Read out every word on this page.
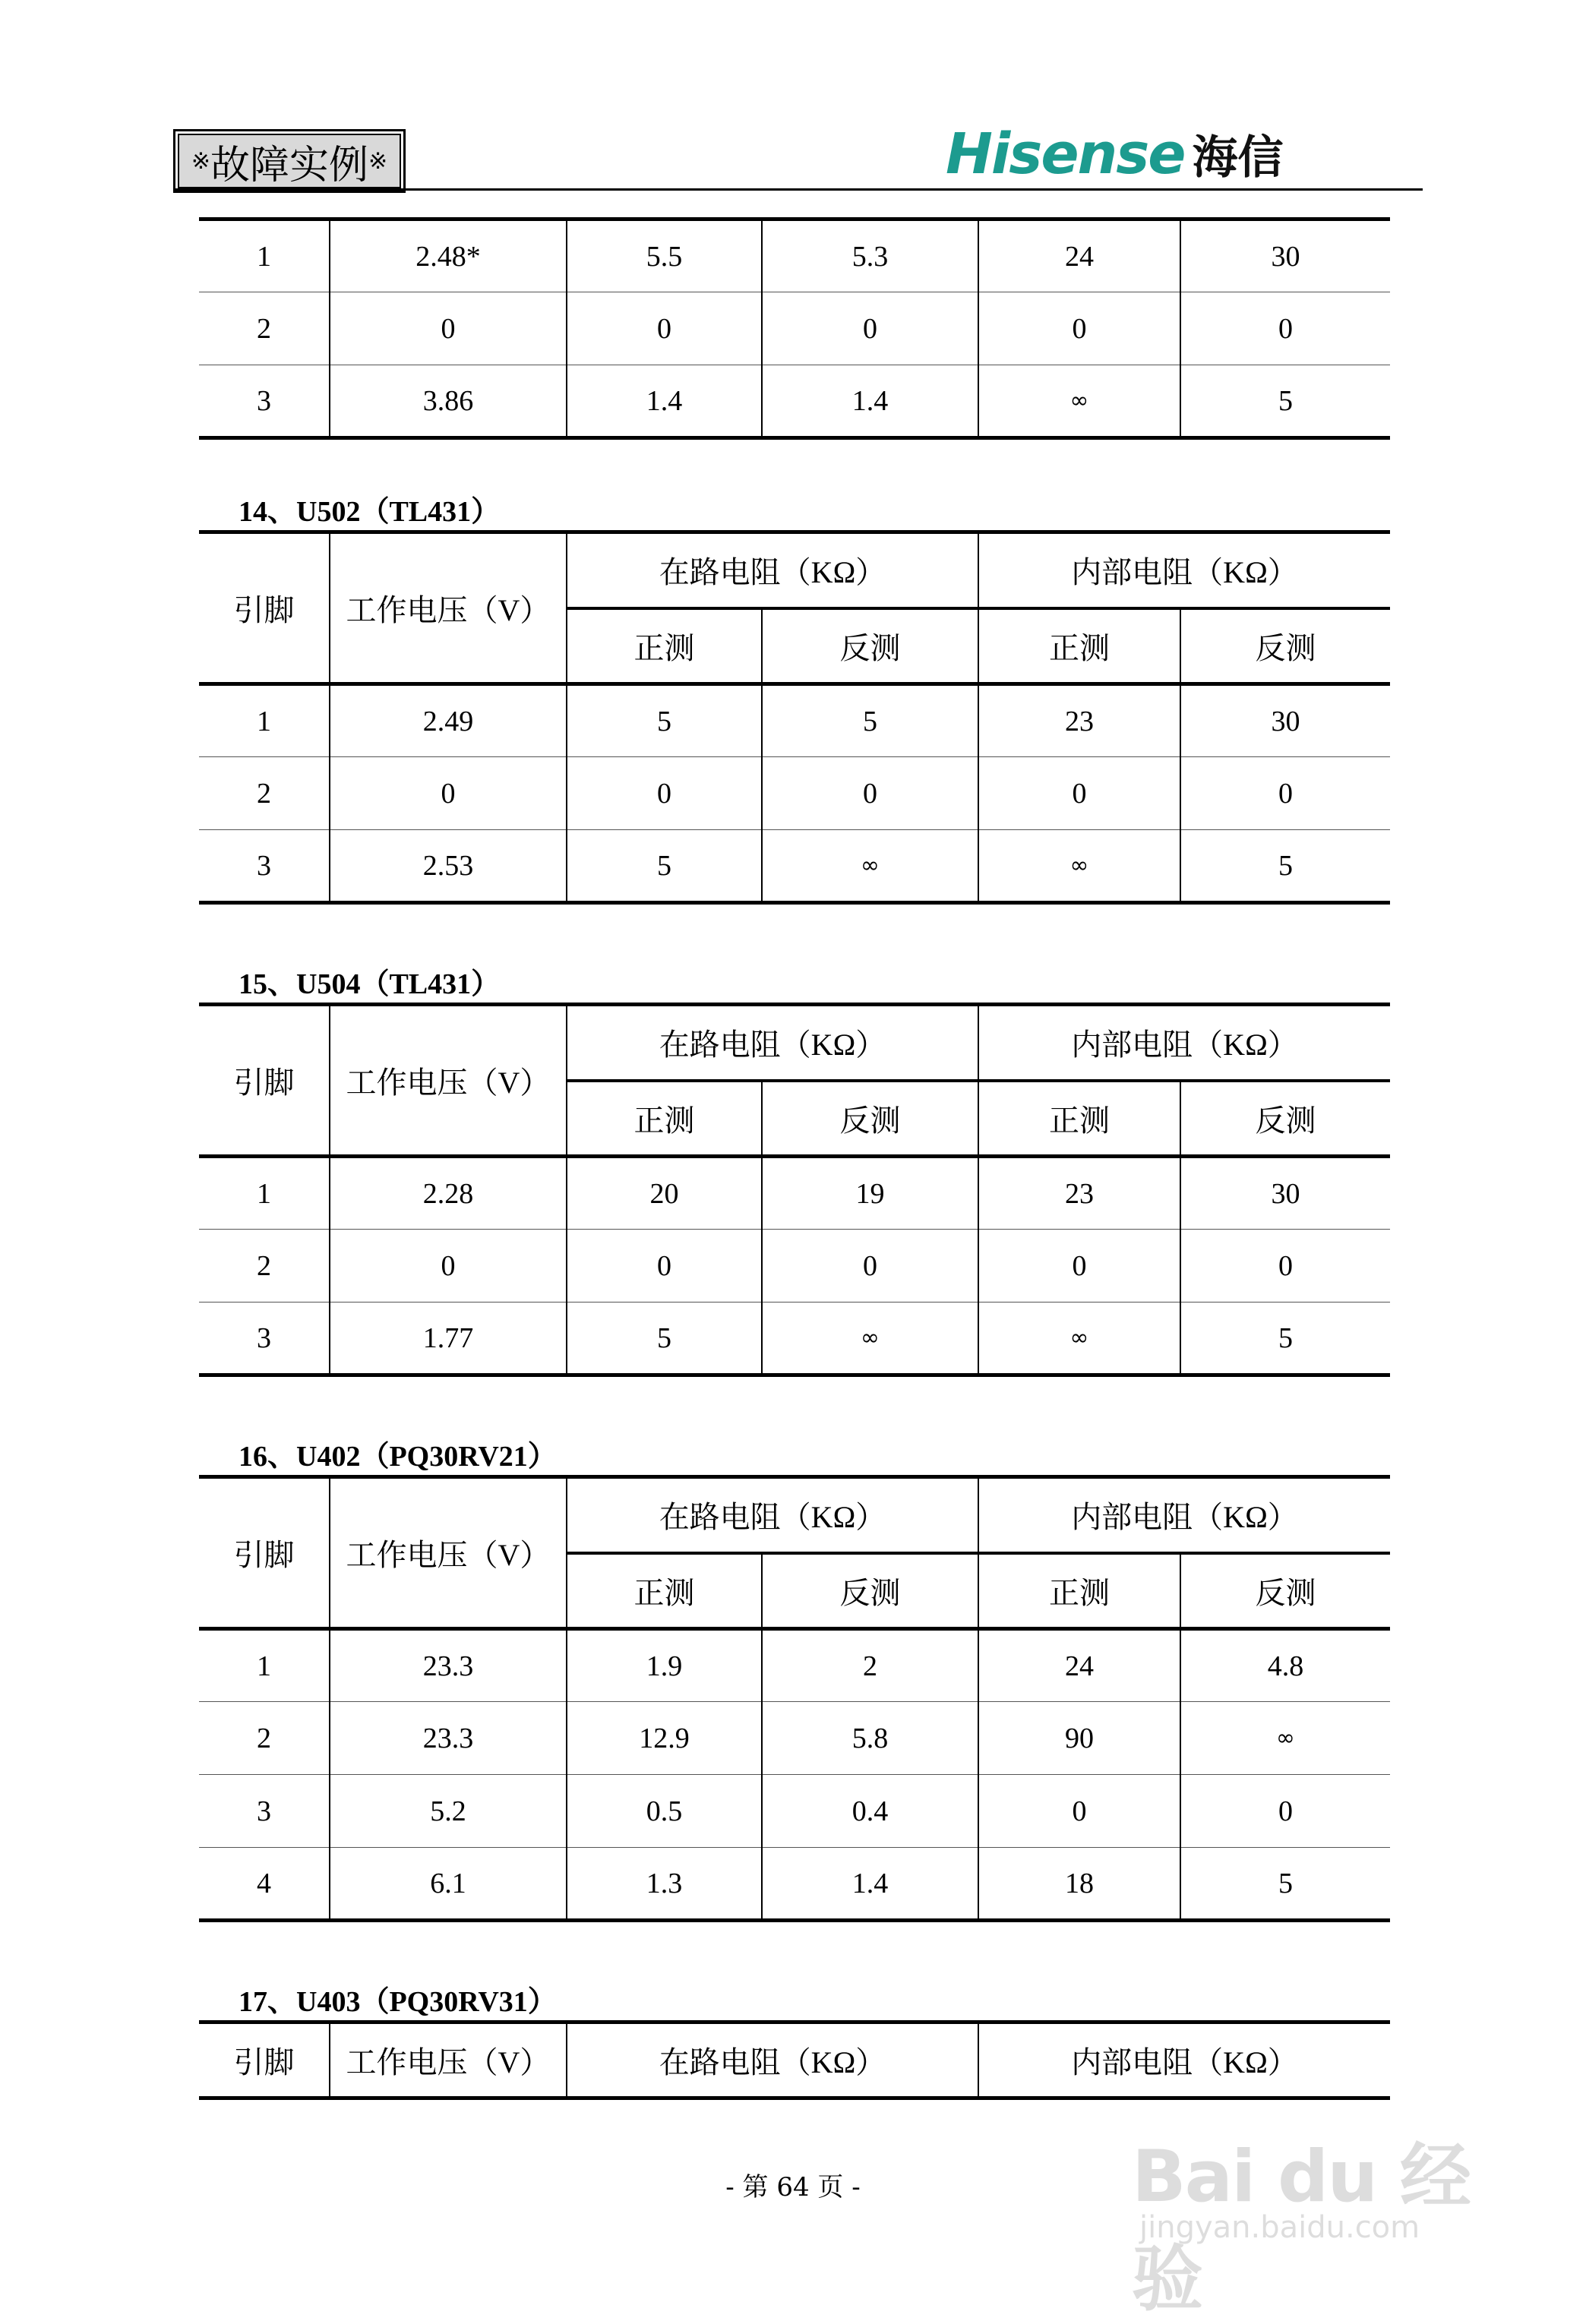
※ 故障实例 ※	Hisense 海信
1	2.48*	5.5	5.3	24	30
2	0	0	0	0	0
3	3.86	1.4	1.4	∞	5
14、U502（TL431）
引脚	工作电压（V）	在路电阻（KΩ）		内部电阻（KΩ）	
		正测	反测	正测	反测
1	2.49	5	5	23	30
2	0	0	0	0	0
3	2.53	5	∞	∞	5
15、U504（TL431）
引脚	工作电压（V）	在路电阻（KΩ）		内部电阻（KΩ）	
		正测	反测	正测	反测
1	2.28	20	19	23	30
2	0	0	0	0	0
3	1.77	5	∞	∞	5
16、U402（PQ30RV21）
引脚	工作电压（V）	在路电阻（KΩ）		内部电阻（KΩ）	
		正测	反测	正测	反测
1	23.3	1.9	2	24	4.8
2	23.3	12.9	5.8	90	∞
3	5.2	0.5	0.4	0	0
4	6.1	1.3	1.4	18	5
17、U403（PQ30RV31）
引脚	工作电压（V）	在路电阻（KΩ）	内部电阻（KΩ）
- 第 64 页 -	Bai du 经验
jingyan.baidu.com
